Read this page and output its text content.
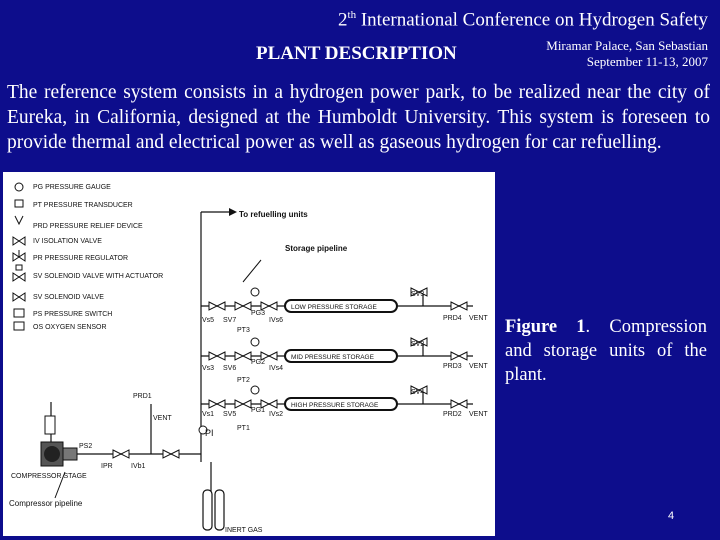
2th International Conference on Hydrogen Safety
PLANT DESCRIPTION	Miramar Palace, San Sebastian
September 11-13, 2007
The reference system consists in a hydrogen power park, to be realized near the city of Eureka, in California, designed at the Humboldt University. This system is foreseen to provide thermal and electrical power as well as gaseous hydrogen for car refuelling.
PG PRESSURE GAUGE
PT PRESSURE TRANSDUCER
PRD PRESSURE RELIEF DEVICE
IV ISOLATION VALVE
PR PRESSURE REGULATOR
SV SOLENOID VALVE WITH ACTUATOR
SV SOLENOID VALVE
PS PRESSURE SWITCH
OS OXYGEN SENSOR
LOW PRESSURE STORAGE
MID PRESSURE STORAGE
HIGH PRESSURE STORAGE
To refuelling units
Storage pipeline
PG3
PT3
IVs5 SV7	IVs6
PG2
PT2
IVs3 SV6	IVs4
PG1
PT1
IVs1 SV5	IVs2
SV3
SV2
SV4
PRD4
PRD3
PRD2
VENT
VENT
VENT
PRD1
VENT
PI
PS2
IPR	IVb1
COMPRESSOR STAGE
Compressor pipeline
INERT GAS
Figure 1. Compression and storage units of the plant.
4
